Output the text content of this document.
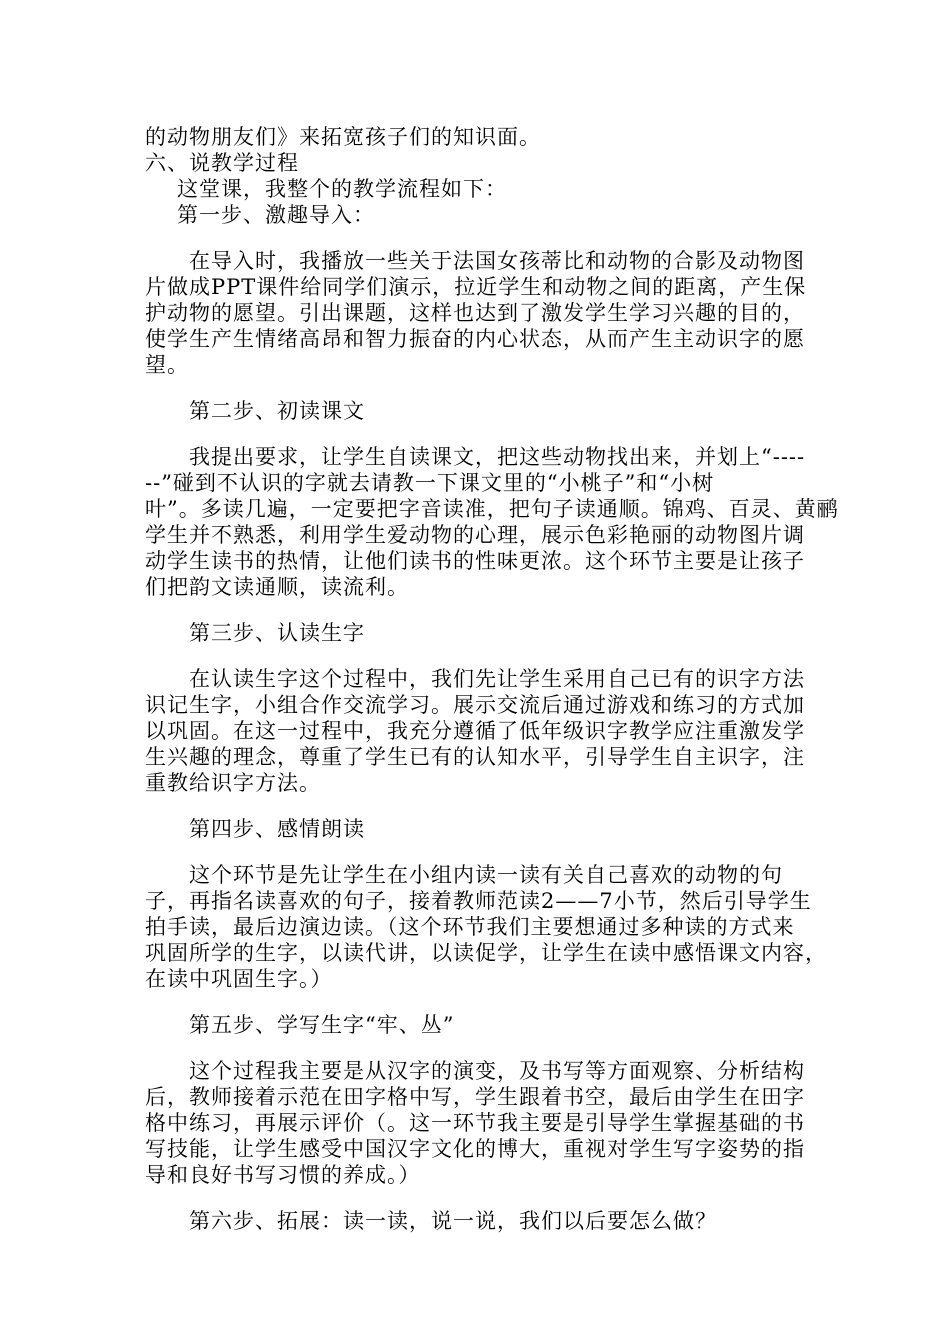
的动物朋友们》来拓宽孩子们的知识面。
六、说教学过程
这堂课，我整个的教学流程如下：
第一步、激趣导入：
在导入时，我播放一些关于法国女孩蒂比和动物的合影及动物图
片做成PPT课件给同学们演示，拉近学生和动物之间的距离，产生保
护动物的愿望。引出课题，这样也达到了激发学生学习兴趣的目的，
使学生产生情绪高昂和智力振奋的内心状态，从而产生主动识字的愿
望。
第二步、初读课文
我提出要求，让学生自读课文，把这些动物找出来，并划上“----
--”碰到不认识的字就去请教一下课文里的“小桃子”和“小树
叶”。多读几遍，一定要把字音读准，把句子读通顺。锦鸡、百灵、黄鹂
学生并不熟悉，利用学生爱动物的心理，展示色彩艳丽的动物图片调
动学生读书的热情，让他们读书的性味更浓。这个环节主要是让孩子
们把韵文读通顺，读流利。
第三步、认读生字
在认读生字这个过程中，我们先让学生采用自己已有的识字方法
识记生字，小组合作交流学习。展示交流后通过游戏和练习的方式加
以巩固。在这一过程中，我充分遵循了低年级识字教学应注重激发学
生兴趣的理念，尊重了学生已有的认知水平，引导学生自主识字，注
重教给识字方法。
第四步、感情朗读
这个环节是先让学生在小组内读一读有关自己喜欢的动物的句
子，再指名读喜欢的句子，接着教师范读2——7小节，然后引导学生
拍手读，最后边演边读。（这个环节我们主要想通过多种读的方式来
巩固所学的生字，以读代讲，以读促学，让学生在读中感悟课文内容，
在读中巩固生字。）
第五步、学写生字“牢、丛”
这个过程我主要是从汉字的演变，及书写等方面观察、分析结构
后，教师接着示范在田字格中写，学生跟着书空，最后由学生在田字
格中练习，再展示评价（。这一环节我主要是引导学生掌握基础的书
写技能，让学生感受中国汉字文化的博大，重视对学生写字姿势的指
导和良好书写习惯的养成。）
第六步、拓展：读一读，说一说，我们以后要怎么做？
